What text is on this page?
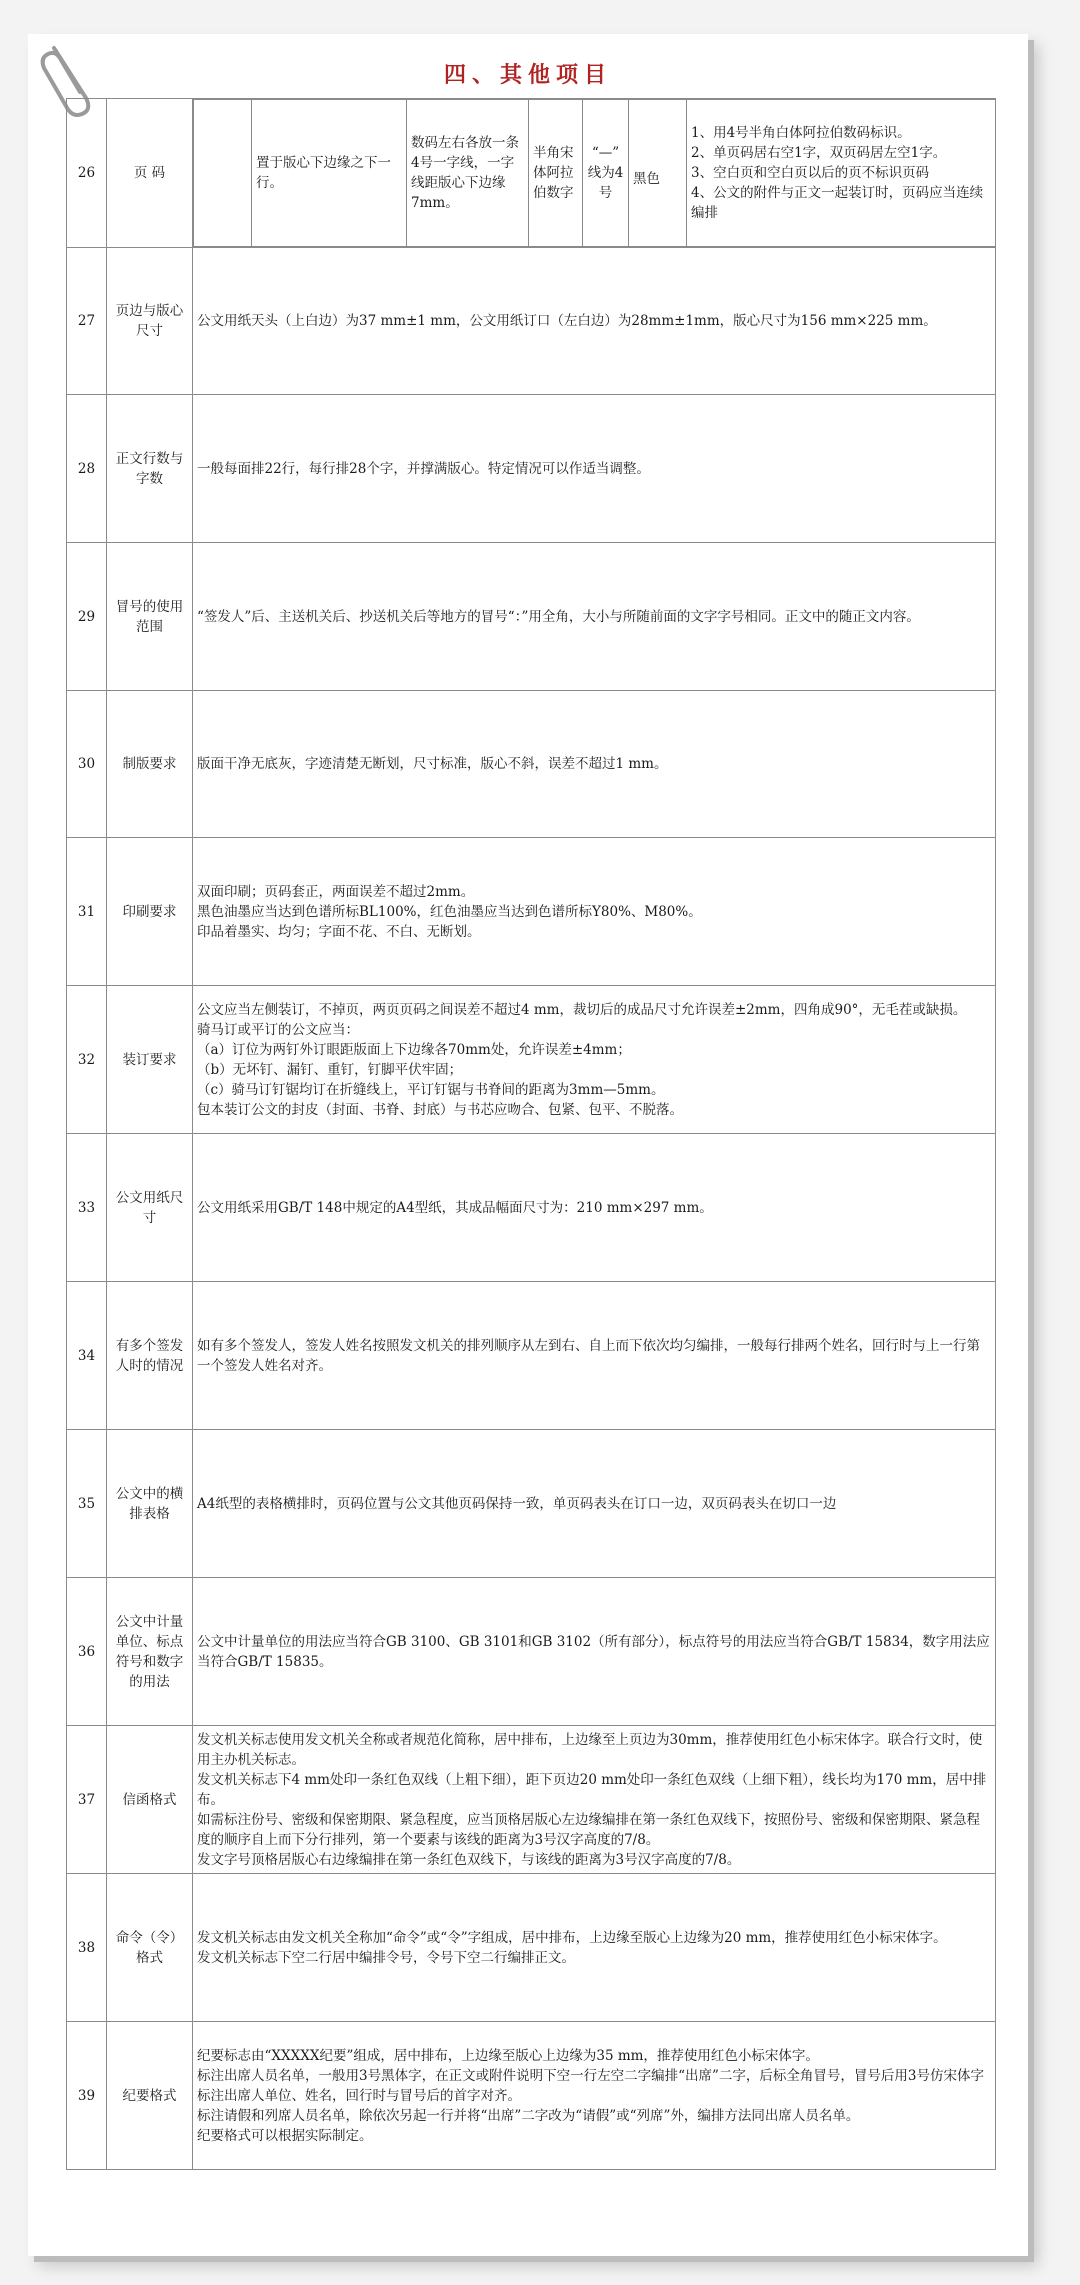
四、其他项目
26	页 码	
	置于版心下边缘之下一行。	数码左右各放一条4号一字线，一字线距版心下边缘7mm。	半角宋体阿拉伯数字	“—”线为4号	黑色	
1、用4号半角白体阿拉伯数码标识。
2、单页码居右空1字，双页码居左空1字。
3、空白页和空白页以后的页不标识页码
4、公文的附件与正文一起装订时，页码应当连续编排

27	页边与版心尺寸	
公文用纸天头（上白边）为37 mm±1 mm，公文用纸订口（左白边）为28mm±1mm，版心尺寸为156 mm×225 mm。

28	正文行数与字数	
一般每面排22行，每行排28个字，并撑满版心。特定情况可以作适当调整。

29	冒号的使用范围	
“签发人”后、主送机关后、抄送机关后等地方的冒号“：”用全角，大小与所随前面的文字字号相同。正文中的随正文内容。

30	制版要求	版面干净无底灰，字迹清楚无断划，尺寸标准，版心不斜，误差不超过1 mm。

31	印刷要求	
双面印刷；页码套正，两面误差不超过2mm。
黑色油墨应当达到色谱所标BL100%，红色油墨应当达到色谱所标Y80%、M80%。
印品着墨实、均匀；字面不花、不白、无断划。

32	装订要求	
公文应当左侧装订，不掉页，两页页码之间误差不超过4 mm，裁切后的成品尺寸允许误差±2mm，四角成90°，无毛茬或缺损。
骑马订或平订的公文应当：
（a）订位为两钉外订眼距版面上下边缘各70mm处，允许误差±4mm；
（b）无坏钉、漏钉、重钉，钉脚平伏牢固；
（c）骑马订钉锯均订在折缝线上，平订钉锯与书脊间的距离为3mm—5mm。
包本装订公文的封皮（封面、书脊、封底）与书芯应吻合、包紧、包平、不脱落。

33	公文用纸尺寸	
公文用纸采用GB/T 148中规定的A4型纸，其成品幅面尺寸为：210 mm×297 mm。

34	有多个签发人时的情况	
如有多个签发人，签发人姓名按照发文机关的排列顺序从左到右、自上而下依次均匀编排，一般每行排两个姓名，回行时与上一行第一个签发人姓名对齐。

35	公文中的横排表格	
A4纸型的表格横排时，页码位置与公文其他页码保持一致，单页码表头在订口一边，双页码表头在切口一边

36	公文中计量单位、标点符号和数字的用法	
公文中计量单位的用法应当符合GB 3100、GB 3101和GB 3102（所有部分），标点符号的用法应当符合GB/T 15834，数字用法应当符合GB/T 15835。

37	信函格式	
发文机关标志使用发文机关全称或者规范化简称，居中排布，上边缘至上页边为30mm，推荐使用红色小标宋体字。联合行文时，使用主办机关标志。
发文机关标志下4 mm处印一条红色双线（上粗下细），距下页边20 mm处印一条红色双线（上细下粗），线长均为170 mm，居中排布。
如需标注份号、密级和保密期限、紧急程度，应当顶格居版心左边缘编排在第一条红色双线下，按照份号、密级和保密期限、紧急程度的顺序自上而下分行排列，第一个要素与该线的距离为3号汉字高度的7/8。
发文字号顶格居版心右边缘编排在第一条红色双线下，与该线的距离为3号汉字高度的7/8。

38	命令（令）格式	
发文机关标志由发文机关全称加“命令”或“令”字组成，居中排布，上边缘至版心上边缘为20 mm，推荐使用红色小标宋体字。
发文机关标志下空二行居中编排令号，令号下空二行编排正文。

39	纪要格式	
纪要标志由“XXXXX纪要”组成，居中排布，上边缘至版心上边缘为35 mm，推荐使用红色小标宋体字。
标注出席人员名单，一般用3号黑体字，在正文或附件说明下空一行左空二字编排“出席”二字，后标全角冒号，冒号后用3号仿宋体字标注出席人单位、姓名，回行时与冒号后的首字对齐。
标注请假和列席人员名单，除依次另起一行并将“出席”二字改为“请假”或“列席”外，编排方法同出席人员名单。
纪要格式可以根据实际制定。
